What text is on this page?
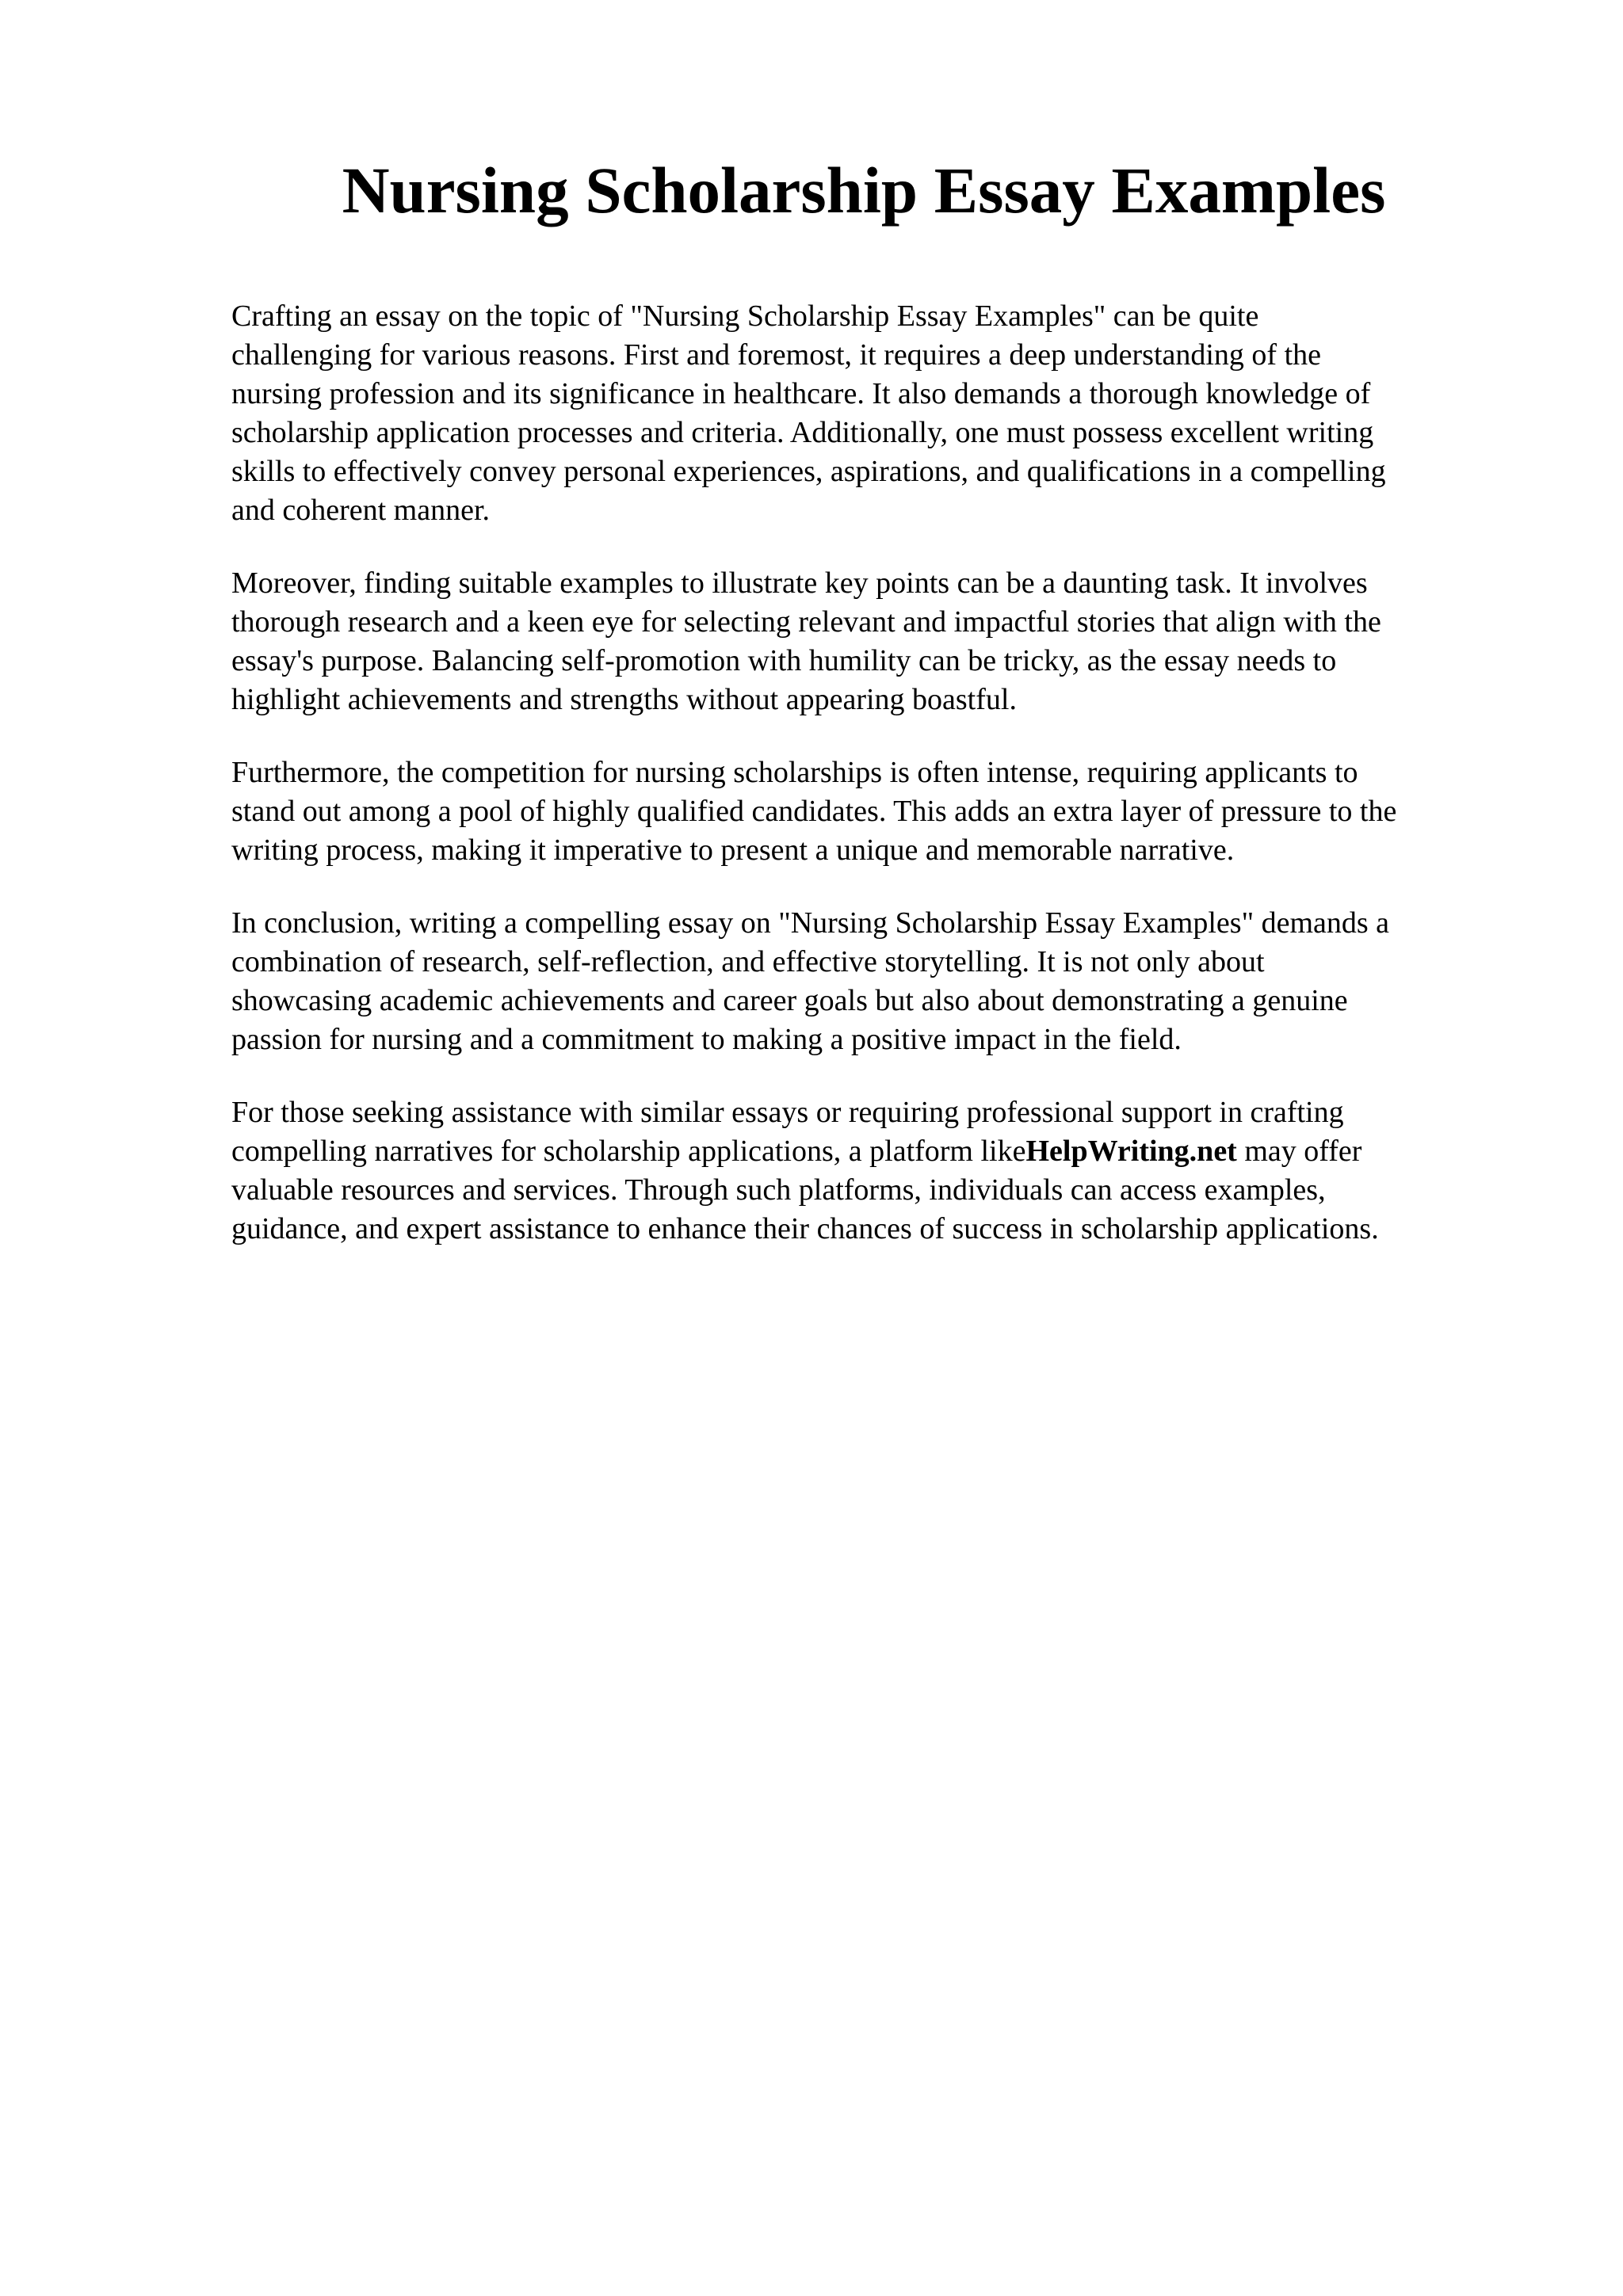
Nursing Scholarship Essay Examples

Crafting an essay on the topic of "Nursing Scholarship Essay Examples" can be quite
challenging for various reasons. First and foremost, it requires a deep understanding of the
nursing profession and its significance in healthcare. It also demands a thorough knowledge of
scholarship application processes and criteria. Additionally, one must possess excellent writing
skills to effectively convey personal experiences, aspirations, and qualifications in a compelling
and coherent manner.

Moreover, finding suitable examples to illustrate key points can be a daunting task. It involves
thorough research and a keen eye for selecting relevant and impactful stories that align with the
essay's purpose. Balancing self-promotion with humility can be tricky, as the essay needs to
highlight achievements and strengths without appearing boastful.

Furthermore, the competition for nursing scholarships is often intense, requiring applicants to
stand out among a pool of highly qualified candidates. This adds an extra layer of pressure to the
writing process, making it imperative to present a unique and memorable narrative.

In conclusion, writing a compelling essay on "Nursing Scholarship Essay Examples" demands a
combination of research, self-reflection, and effective storytelling. It is not only about
showcasing academic achievements and career goals but also about demonstrating a genuine
passion for nursing and a commitment to making a positive impact in the field.

For those seeking assistance with similar essays or requiring professional support in crafting
compelling narratives for scholarship applications, a platform likeHelpWriting.net may offer
valuable resources and services. Through such platforms, individuals can access examples,
guidance, and expert assistance to enhance their chances of success in scholarship applications.
